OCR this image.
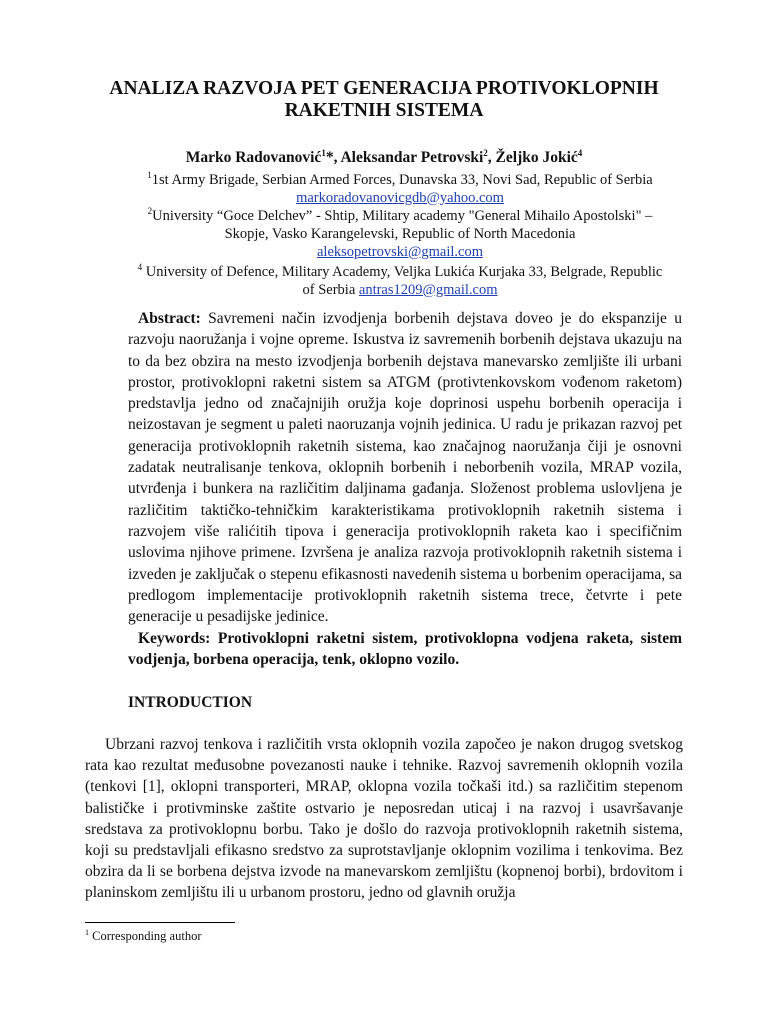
ANALIZA RAZVOJA PET GENERACIJA PROTIVOKLOPNIH
RAKETNIH SISTEMA
Marko Radovanović$^1$*, Aleksandar Petrovski$^2$, Željko Jokić$^4$
$^1$1st Army Brigade, Serbian Armed Forces, Dunavska 33, Novi Sad, Republic of Serbia markoradovanovicgdb@yahoo.com
$^2$University “Goce Delchev” - Shtip, Military academy "General Mihailo Apostolski" – Skopje, Vasko Karangelevski, Republic of North Macedonia
aleksopetrovski@gmail.com
$^4$ University of Defence, Military Academy, Veljka Lukića Kurjaka 33, Belgrade, Republic of Serbia antras1209@gmail.com

Abstract: Savremeni način izvodjenja borbenih dejstava doveo je do ekspanzije u razvoju naoružanja i vojne opreme. Iskustva iz savremenih borbenih dejstava ukazuju na to da bez obzira na mesto izvodjenja borbenih dejstava manevarsko zemljište ili urbani prostor, protivoklopni raketni sistem sa ATGM (protivtenkovskom vođenom raketom) predstavlja jedno od značajnijih oružja koje doprinosi uspehu borbenih operacija i neizostavan je segment u paleti naoruzanja vojnih jedinica. U radu je prikazan razvoj pet generacija protivoklopnih raketnih sistema, kao značajnog naoružanja čiji je osnovni zadatak neutralisanje tenkova, oklopnih borbenih i neborbenih vozila, MRAP vozila, utvrđenja i bunkera na različitim daljinama gađanja. Složenost problema uslovljena je različitim taktičko-tehničkim karakteristikama protivoklopnih raketnih sistema i razvojem više ralićitih tipova i generacija protivoklopnih raketa kao i specifičnim uslovima njihove primene. Izvršena je analiza razvoja protivoklopnih raketnih sistema i izveden je zaključak o stepenu efikasnosti navedenih sistema u borbenim operacijama, sa predlogom implementacije protivoklopnih raketnih sistema trece, četvrte i pete generacije u pesadijske jedinice.

Keywords: Protivoklopni raketni sistem, protivoklopna vodjena raketa, sistem vodjenja, borbena operacija, tenk, oklopno vozilo.

INTRODUCTION

Ubrzani razvoj tenkova i različitih vrsta oklopnih vozila započeo je nakon drugog svetskog rata kao rezultat međusobne povezanosti nauke i tehnike. Razvoj savremenih oklopnih vozila (tenkovi [1], oklopni transporteri, MRAP, oklopna vozila točkaši itd.) sa različitim stepenom balističke i protivminske zaštite ostvario je neposredan uticaj i na razvoj i usavršavanje sredstava za protivoklopnu borbu. Tako je došlo do razvoja protivoklopnih raketnih sistema, koji su predstavljali efikasno sredstvo za suprotstavljanje oklopnim vozilima i tenkovima. Bez obzira da li se borbena dejstva izvode na manevarskom zemljištu (kopnenoj borbi), brdovitom i planinskom zemljištu ili u urbanom prostoru, jedno od glavnih oružja

$^1$ Corresponding author
